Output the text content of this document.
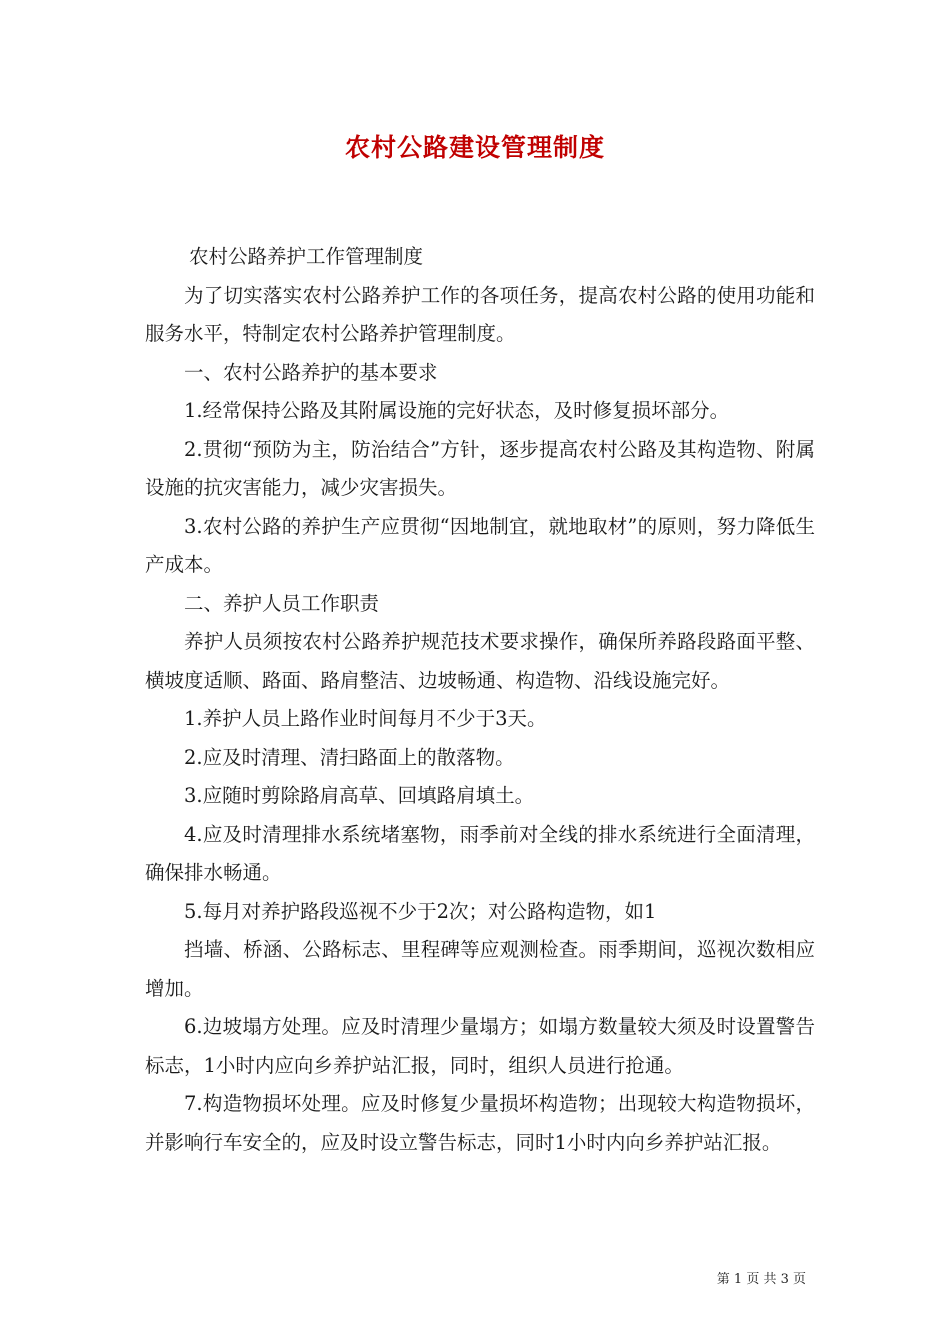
农村公路建设管理制度

农村公路养护工作管理制度

为了切实落实农村公路养护工作的各项任务，提高农村公路的使用功能和服务水平，特制定农村公路养护管理制度。

一、农村公路养护的基本要求

1.经常保持公路及其附属设施的完好状态，及时修复损坏部分。

2.贯彻“预防为主，防治结合”方针，逐步提高农村公路及其构造物、附属设施的抗灾害能力，减少灾害损失。

3.农村公路的养护生产应贯彻“因地制宜，就地取材”的原则，努力降低生产成本。

二、养护人员工作职责

养护人员须按农村公路养护规范技术要求操作，确保所养路段路面平整、横坡度适顺、路面、路肩整洁、边坡畅通、构造物、沿线设施完好。

1.养护人员上路作业时间每月不少于3天。

2.应及时清理、清扫路面上的散落物。

3.应随时剪除路肩高草、回填路肩填土。

4.应及时清理排水系统堵塞物，雨季前对全线的排水系统进行全面清理，确保排水畅通。

5.每月对养护路段巡视不少于2次；对公路构造物，如1

挡墙、桥涵、公路标志、里程碑等应观测检查。雨季期间，巡视次数相应增加。

6.边坡塌方处理。应及时清理少量塌方；如塌方数量较大须及时设置警告标志，1小时内应向乡养护站汇报，同时，组织人员进行抢通。

7.构造物损坏处理。应及时修复少量损坏构造物；出现较大构造物损坏，并影响行车安全的，应及时设立警告标志，同时1小时内向乡养护站汇报。

第 1 页 共 3 页
